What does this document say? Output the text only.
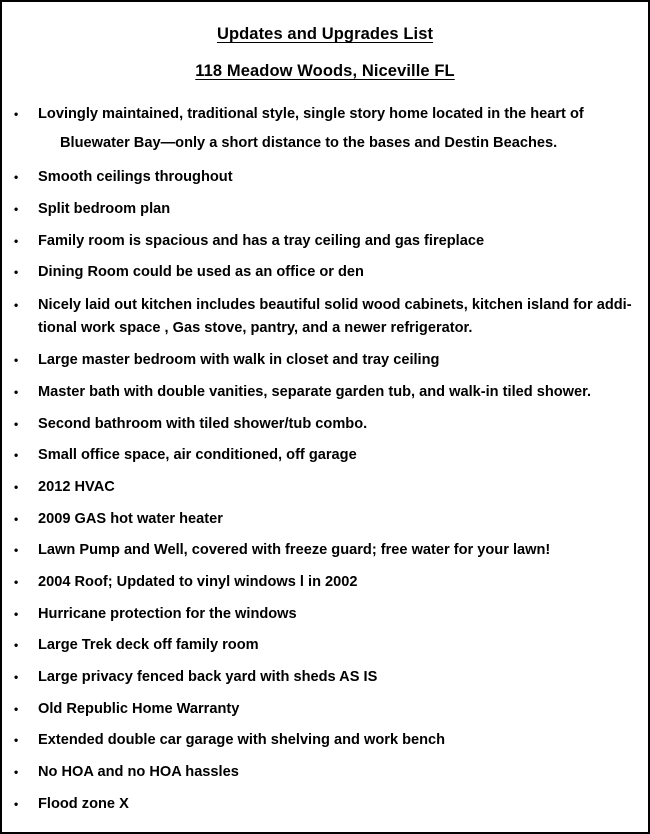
Updates and Upgrades List
118 Meadow Woods, Niceville FL
• Lovingly maintained, traditional style, single story home located in the heart of
Bluewater Bay—only a short distance to the bases and Destin Beaches.
• Smooth ceilings throughout
• Split bedroom plan
• Family room is spacious and has a tray ceiling and gas fireplace
• Dining Room could be used as an office or den
• Nicely laid out kitchen includes beautiful solid wood cabinets, kitchen island for addi-
tional work space , Gas stove, pantry, and a newer refrigerator.
• Large master bedroom with walk in closet and tray ceiling
• Master bath with double vanities, separate garden tub, and walk-in tiled shower.
• Second bathroom with tiled shower/tub combo.
• Small office space, air conditioned, off garage
• 2012 HVAC
• 2009 GAS hot water heater
• Lawn Pump and Well, covered with freeze guard; free water for your lawn!
• 2004 Roof; Updated to vinyl windows l in 2002
• Hurricane protection for the windows
• Large Trek deck off family room
• Large privacy fenced back yard with sheds AS IS
• Old Republic Home Warranty
• Extended double car garage with shelving and work bench
• No HOA and no HOA hassles
• Flood zone X
